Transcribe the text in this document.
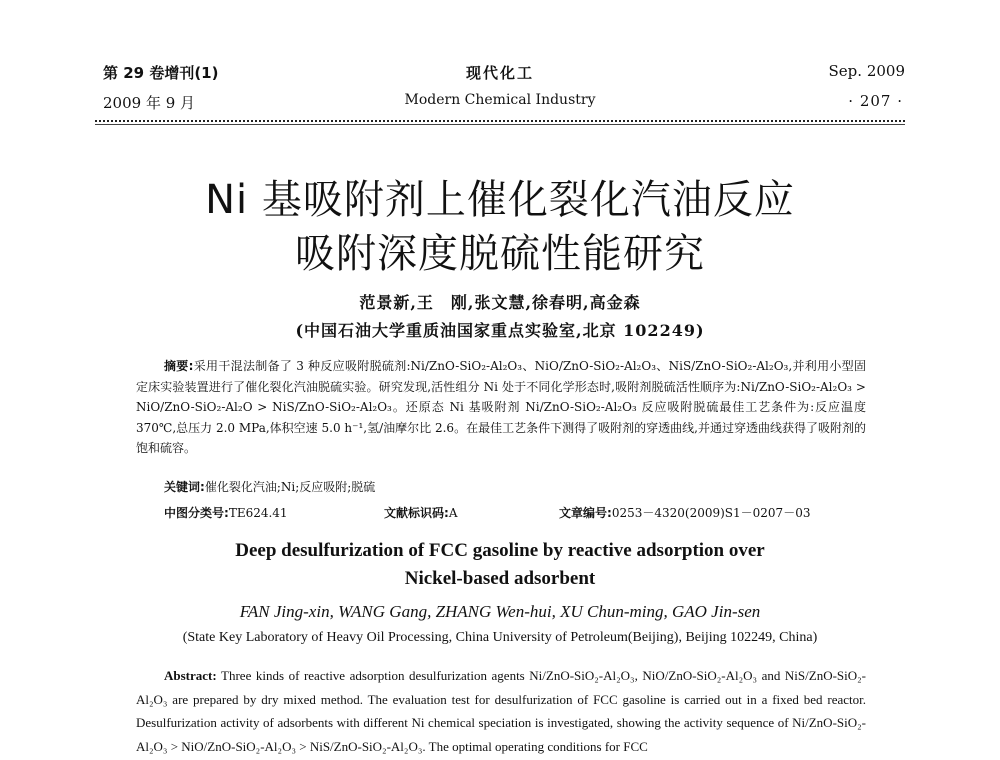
第 29 卷增刊(1)
2009 年 9 月
现代化工
Modern Chemical Industry
Sep. 2009
· 207 ·
Ni 基吸附剂上催化裂化汽油反应
吸附深度脱硫性能研究
范景新,王　刚,张文慧,徐春明,高金森
(中国石油大学重质油国家重点实验室,北京 102249)
摘要:采用干混法制备了 3 种反应吸附脱硫剂:Ni/ZnO-SiO₂-Al₂O₃、NiO/ZnO-SiO₂-Al₂O₃、NiS/ZnO-SiO₂-Al₂O₃,并利用小型固定床实验装置进行了催化裂化汽油脱硫实验。研究发现,活性组分 Ni 处于不同化学形态时,吸附剂脱硫活性顺序为:Ni/ZnO-SiO₂-Al₂O₃ > NiO/ZnO-SiO₂-Al₂O > NiS/ZnO-SiO₂-Al₂O₃。还原态 Ni 基吸附剂 Ni/ZnO-SiO₂-Al₂O₃ 反应吸附脱硫最佳工艺条件为:反应温度 370℃,总压力 2.0 MPa,体积空速 5.0 h⁻¹,氢/油摩尔比 2.6。在最佳工艺条件下测得了吸附剂的穿透曲线,并通过穿透曲线获得了吸附剂的饱和硫容。
关键词:催化裂化汽油;Ni;反应吸附;脱硫
中图分类号:TE624.41	文献标识码:A	文章编号:0253－4320(2009)S1－0207－03
Deep desulfurization of FCC gasoline by reactive adsorption over
Nickel-based adsorbent
FAN Jing-xin, WANG Gang, ZHANG Wen-hui, XU Chun-ming, GAO Jin-sen
(State Key Laboratory of Heavy Oil Processing, China University of Petroleum(Beijing), Beijing 102249, China)
Abstract: Three kinds of reactive adsorption desulfurization agents Ni/ZnO-SiO₂-Al₂O₃, NiO/ZnO-SiO₂-Al₂O₃ and NiS/ZnO-SiO₂-Al₂O₃ are prepared by dry mixed method. The evaluation test for desulfurization of FCC gasoline is carried out in a fixed bed reactor. Desulfurization activity of adsorbents with different Ni chemical speciation is investigated, showing the activity sequence of Ni/ZnO-SiO₂-Al₂O₃ > NiO/ZnO-SiO₂-Al₂O₃ > NiS/ZnO-SiO₂-Al₂O₃. The optimal operating conditions for FCC
